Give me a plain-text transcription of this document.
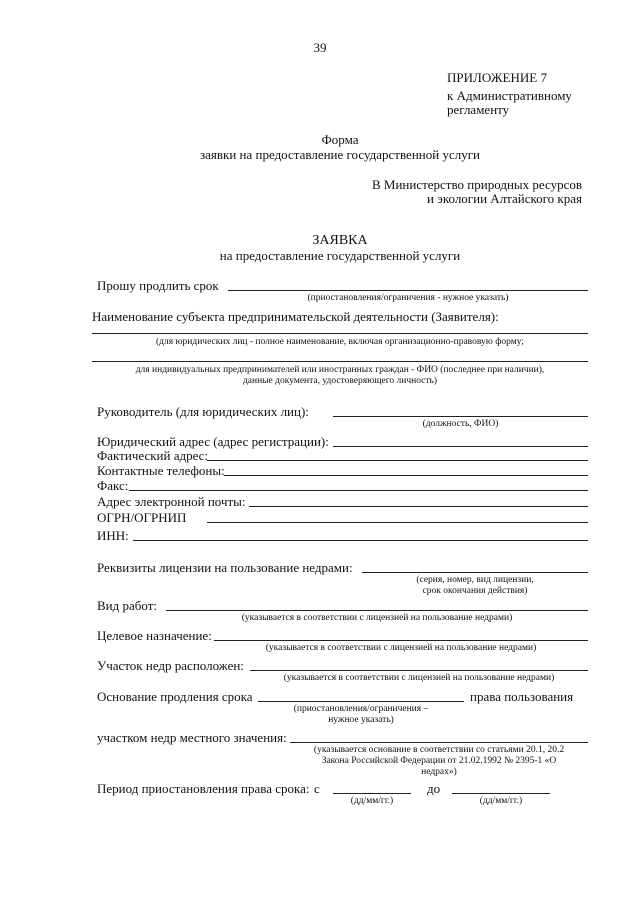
39
ПРИЛОЖЕНИЕ 7
к Административному
регламенту
Форма
заявки на предоставление государственной услуги
В Министерство природных ресурсов
и экологии Алтайского края
ЗАЯВКА
на предоставление государственной услуги
Прошу продлить срок
(приостановления/ограничения - нужное указать)
Наименование субъекта предпринимательской деятельности (Заявителя):
(для юридических лиц - полное наименование, включая организационно-правовую форму;
для индивидуальных предпринимателей или иностранных граждан - ФИО (последнее при наличии),
данные документа, удостоверяющего личность)
Руководитель (для юридических лиц):
(должность, ФИО)
Юридический адрес (адрес регистрации):
Фактический адрес:
Контактные телефоны:
Факс:
Адрес электронной почты:
ОГРН/ОГРНИП
ИНН:
Реквизиты лицензии на пользование недрами:
(серия, номер, вид лицензии,
срок окончания действия)
Вид работ:
(указывается в соответствии с лицензией на пользование недрами)
Целевое назначение:
(указывается в соответствии с лицензией на пользование недрами)
Участок недр расположен:
(указывается в соответствии с лицензией на пользование недрами)
Основание продления срока	права пользования
(приостановления/ограничения –
нужное указать)
участком недр местного значения:
(указывается основание в соответствии со статьями 20.1, 20.2
Закона Российской Федерации от 21.02.1992 № 2395-1 «О
недрах»)
Период приостановления права срока: с
(дд/мм/гг.)
до
(дд/мм/гг.)
